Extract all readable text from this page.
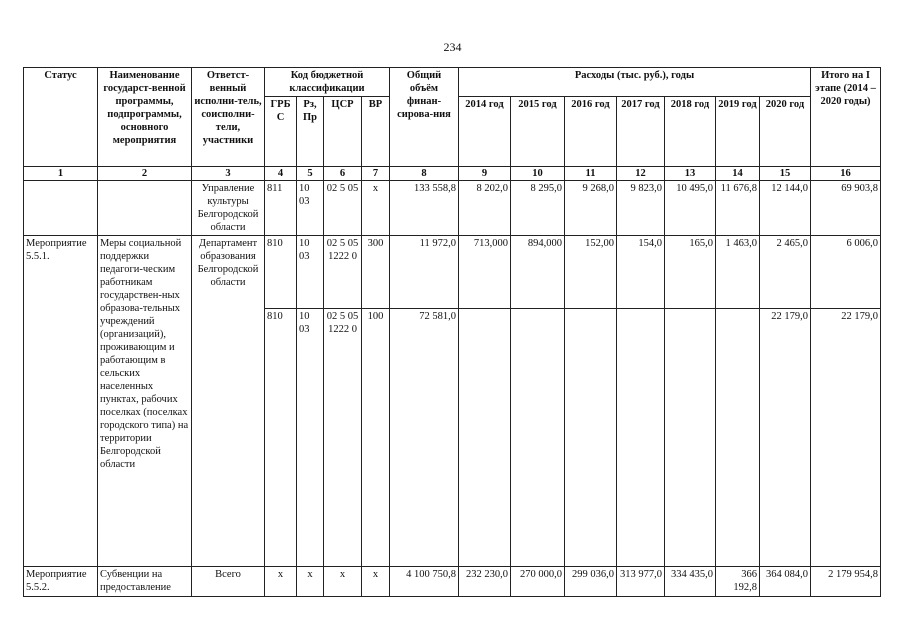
234
Статус	Наименование государст-венной программы, подпрограммы, основного мероприятия	Ответст-венный исполни-тель, соисполни-тели, участники	Код бюджетной классификации				Общий объём финан-сирова-ния	Расходы (тыс. руб.), годы							Итого на I этапе (2014 – 2020 годы)
			ГРБ С	Рз, Пр	ЦСР	ВР		2014 год	2015 год	2016 год	2017 год	2018 год	2019 год	2020 год	
1	2	3	4	5	6	7	8	9	10	11	12	13	14	15	16
		Управление культуры Белгородской области	811	10 03	02 5 05	х	133 558,8	8 202,0	8 295,0	9 268,0	9 823,0	10 495,0	11 676,8	12 144,0	69 903,8
Мероприятие 5.5.1.	Меры социальной поддержки педагоги-ческим работникам государствен-ных образова-тельных учреждений (организаций), проживающим и работающим в сельских населенных пунктах, рабочих поселках (поселках городского типа) на территории Белгородской области	Департамент образования Белгородской области	810	10 03	02 5 05 1222 0	300	11 972,0	713,000	894,000	152,00	154,0	165,0	1 463,0	2 465,0	6 006,0
			810	10 03	02 5 05 1222 0	100	72 581,0							22 179,0	22 179,0
Мероприятие 5.5.2.	Субвенции на предоставление	Всего	х	х	х	х	4 100 750,8	232 230,0	270 000,0	299 036,0	313 977,0	334 435,0	366 192,8	364 084,0	2 179 954,8
